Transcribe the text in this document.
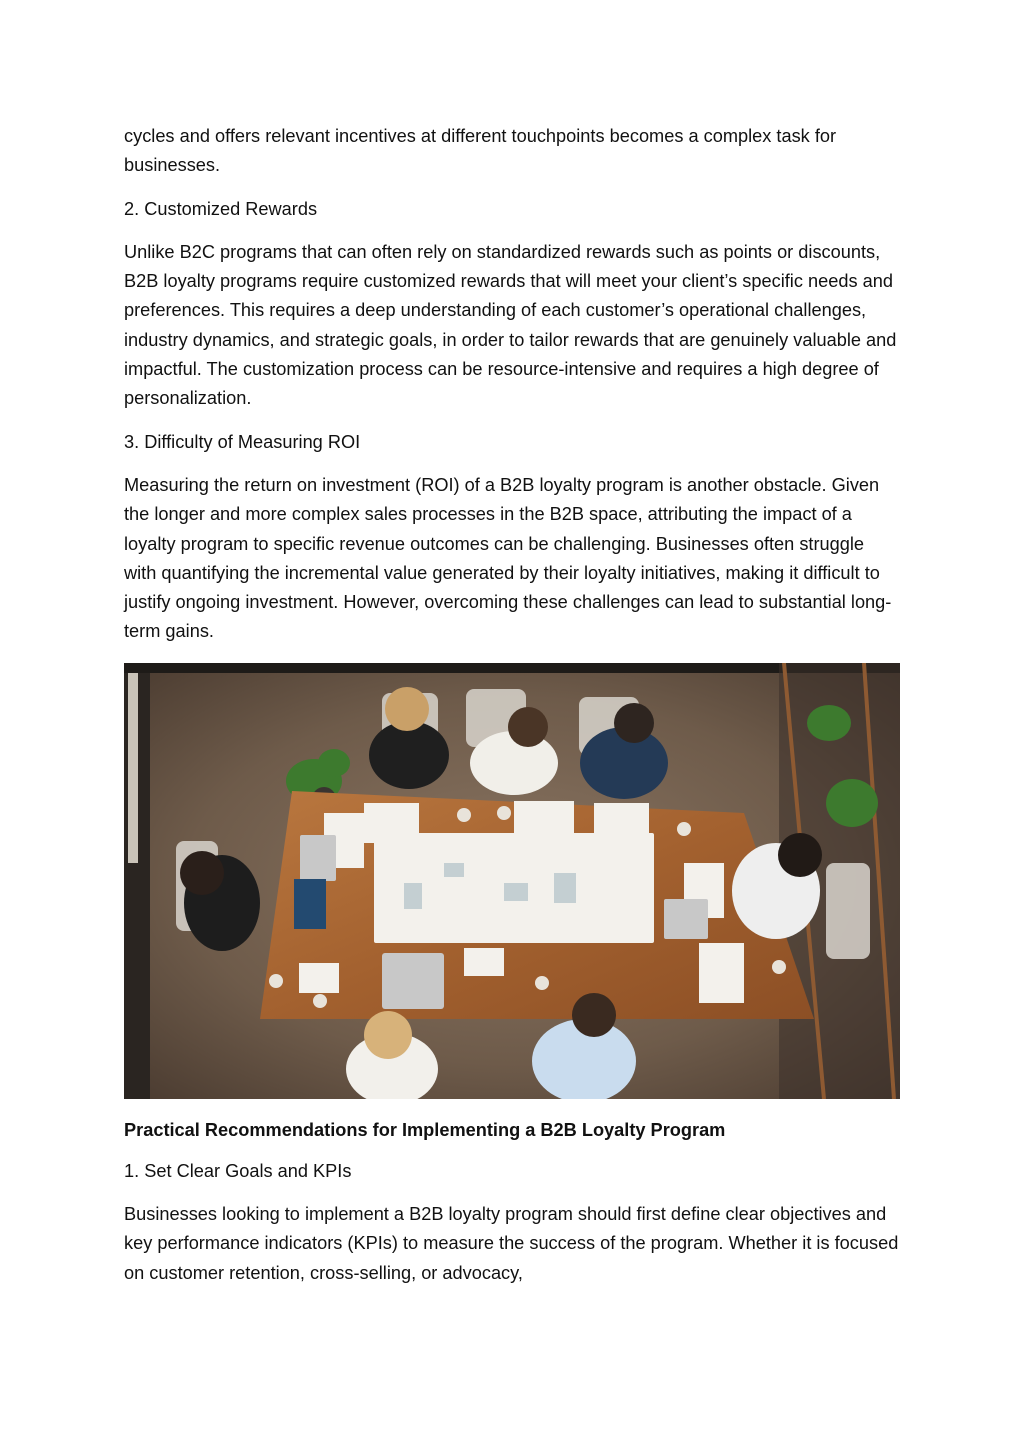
cycles and offers relevant incentives at different touchpoints becomes a complex task for businesses.

2. Customized Rewards

Unlike B2C programs that can often rely on standardized rewards such as points or discounts, B2B loyalty programs require customized rewards that will meet your client’s specific needs and preferences. This requires a deep understanding of each customer’s operational challenges, industry dynamics, and strategic goals, in order to tailor rewards that are genuinely valuable and impactful. The customization process can be resource-intensive and requires a high degree of personalization.

3. Difficulty of Measuring ROI

Measuring the return on investment (ROI) of a B2B loyalty program is another obstacle. Given the longer and more complex sales processes in the B2B space, attributing the impact of a loyalty program to specific revenue outcomes can be challenging. Businesses often struggle with quantifying the incremental value generated by their loyalty initiatives, making it difficult to justify ongoing investment. However, overcoming these challenges can lead to substantial long-term gains.

Practical Recommendations for Implementing a B2B Loyalty Program

1. Set Clear Goals and KPIs

Businesses looking to implement a B2B loyalty program should first define clear objectives and key performance indicators (KPIs) to measure the success of the program. Whether it is focused on customer retention, cross-selling, or advocacy,
